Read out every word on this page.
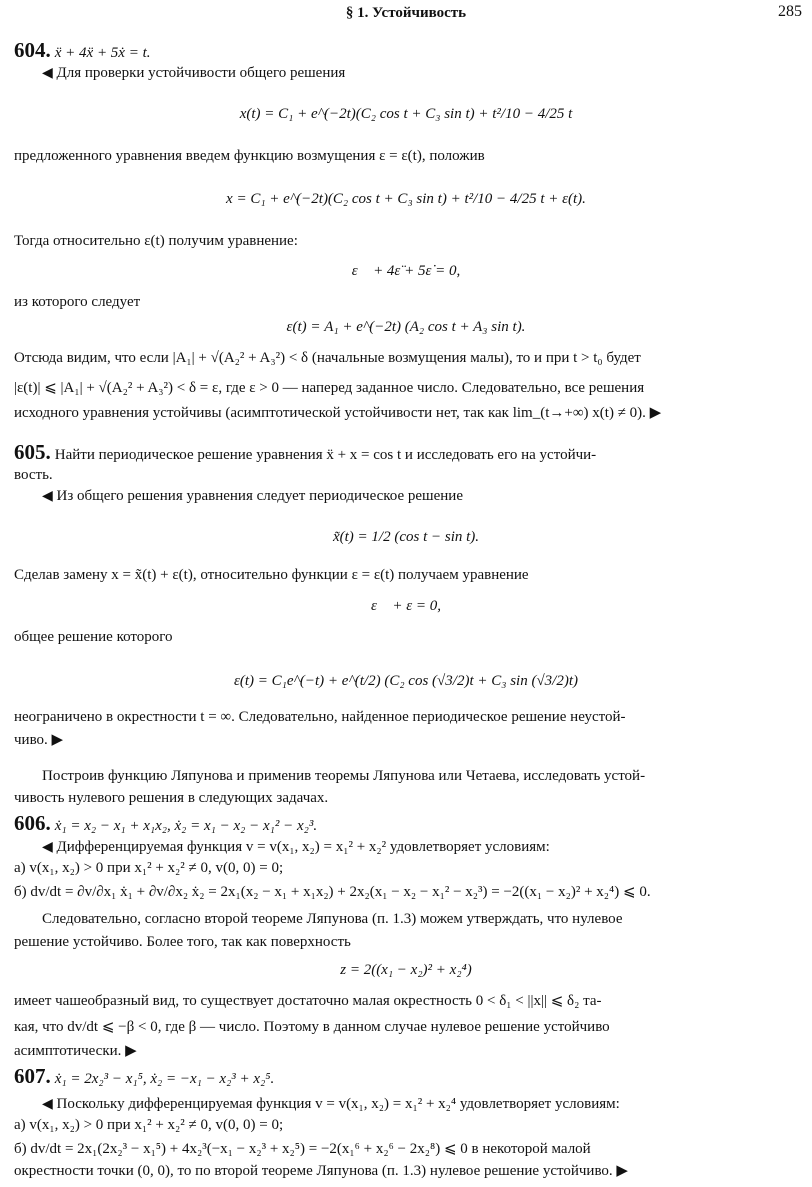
§ 1. Устойчивость	285
604. ẍ + 4ẍ + 5ẋ = t.
◀ Для проверки устойчивости общего решения
x(t) = C₁ + e^(−2t)(C₂ cos t + C₃ sin t) + t²/10 − 4/25 t
предложенного уравнения введем функцию возмущения ε = ε(t), положив
x = C₁ + e^(−2t)(C₂ cos t + C₃ sin t) + t²/10 − 4/25 t + ε(t).
Тогда относительно ε(t) получим уравнение:
ε⃛ + 4ε̈ + 5ε̇ = 0,
из которого следует
ε(t) = A₁ + e^(−2t) (A₂ cos t + A₃ sin t).
Отсюда видим, что если |A₁| + √(A₂² + A₃²) < δ (начальные возмущения малы), то и при t > t₀ будет
|ε(t)| ⩽ |A₁| + √(A₂² + A₃²) < δ = ε, где ε > 0 — наперед заданное число. Следовательно, все решения
исходного уравнения устойчивы (асимптотической устойчивости нет, так как lim_(t→+∞) x(t) ≠ 0). ▶
605. Найти периодическое решение уравнения ẍ + x = cos t и исследовать его на устойчи-
вость.
◀ Из общего решения уравнения следует периодическое решение
x̃(t) = 1/2 (cos t − sin t).
Сделав замену x = x̃(t) + ε(t), относительно функции ε = ε(t) получаем уравнение
ε⃛ + ε = 0,
общее решение которого
ε(t) = C₁e^(−t) + e^(t/2) (C₂ cos (√3/2)t + C₃ sin (√3/2)t)
неограничено в окрестности t = ∞. Следовательно, найденное периодическое решение неустой-
чиво. ▶
Построив функцию Ляпунова и применив теоремы Ляпунова или Четаева, исследовать устой-
чивость нулевого решения в следующих задачах.
606. ẋ₁ = x₂ − x₁ + x₁x₂, ẋ₂ = x₁ − x₂ − x₁² − x₂³.
◀ Дифференцируемая функция v = v(x₁, x₂) = x₁² + x₂² удовлетворяет условиям:
а) v(x₁, x₂) > 0 при x₁² + x₂² ≠ 0, v(0, 0) = 0;
б) dv/dt = ∂v/∂x₁ ẋ₁ + ∂v/∂x₂ ẋ₂ = 2x₁(x₂ − x₁ + x₁x₂) + 2x₂(x₁ − x₂ − x₁² − x₂³) = −2((x₁ − x₂)² + x₂⁴) ⩽ 0.
Следовательно, согласно второй теореме Ляпунова (п. 1.3) можем утверждать, что нулевое
решение устойчиво. Более того, так как поверхность
z = 2((x₁ − x₂)² + x₂⁴)
имеет чашеобразный вид, то существует достаточно малая окрестность 0 < δ₁ < ||x|| ⩽ δ₂ та-
кая, что dv/dt ⩽ −β < 0, где β — число. Поэтому в данном случае нулевое решение устойчиво
асимптотически. ▶
607. ẋ₁ = 2x₂³ − x₁⁵, ẋ₂ = −x₁ − x₂³ + x₂⁵.
◀ Поскольку дифференцируемая функция v = v(x₁, x₂) = x₁² + x₂⁴ удовлетворяет условиям:
а) v(x₁, x₂) > 0 при x₁² + x₂² ≠ 0, v(0, 0) = 0;
б) dv/dt = 2x₁(2x₂³ − x₁⁵) + 4x₂³(−x₁ − x₂³ + x₂⁵) = −2(x₁⁶ + x₂⁶ − 2x₂⁸) ⩽ 0 в некоторой малой
окрестности точки (0, 0), то по второй теореме Ляпунова (п. 1.3) нулевое решение устойчиво. ▶
